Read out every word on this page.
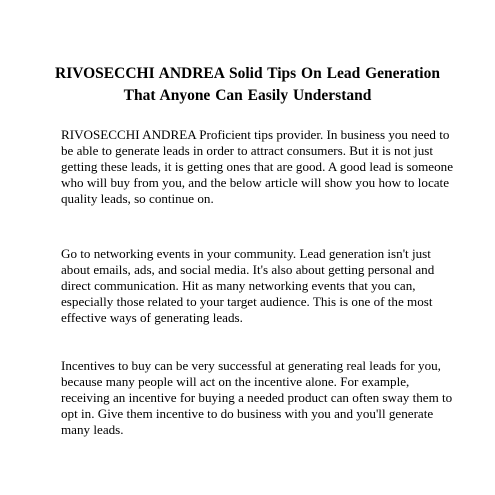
RIVOSECCHI ANDREA Solid Tips On Lead Generation That Anyone Can Easily Understand

RIVOSECCHI ANDREA Proficient tips provider. In business you need to be able to generate leads in order to attract consumers. But it is not just getting these leads, it is getting ones that are good. A good lead is someone who will buy from you, and the below article will show you how to locate quality leads, so continue on.

Go to networking events in your community. Lead generation isn't just about emails, ads, and social media. It's also about getting personal and direct communication. Hit as many networking events that you can, especially those related to your target audience. This is one of the most effective ways of generating leads.

Incentives to buy can be very successful at generating real leads for you, because many people will act on the incentive alone. For example, receiving an incentive for buying a needed product can often sway them to opt in. Give them incentive to do business with you and you'll generate many leads.
